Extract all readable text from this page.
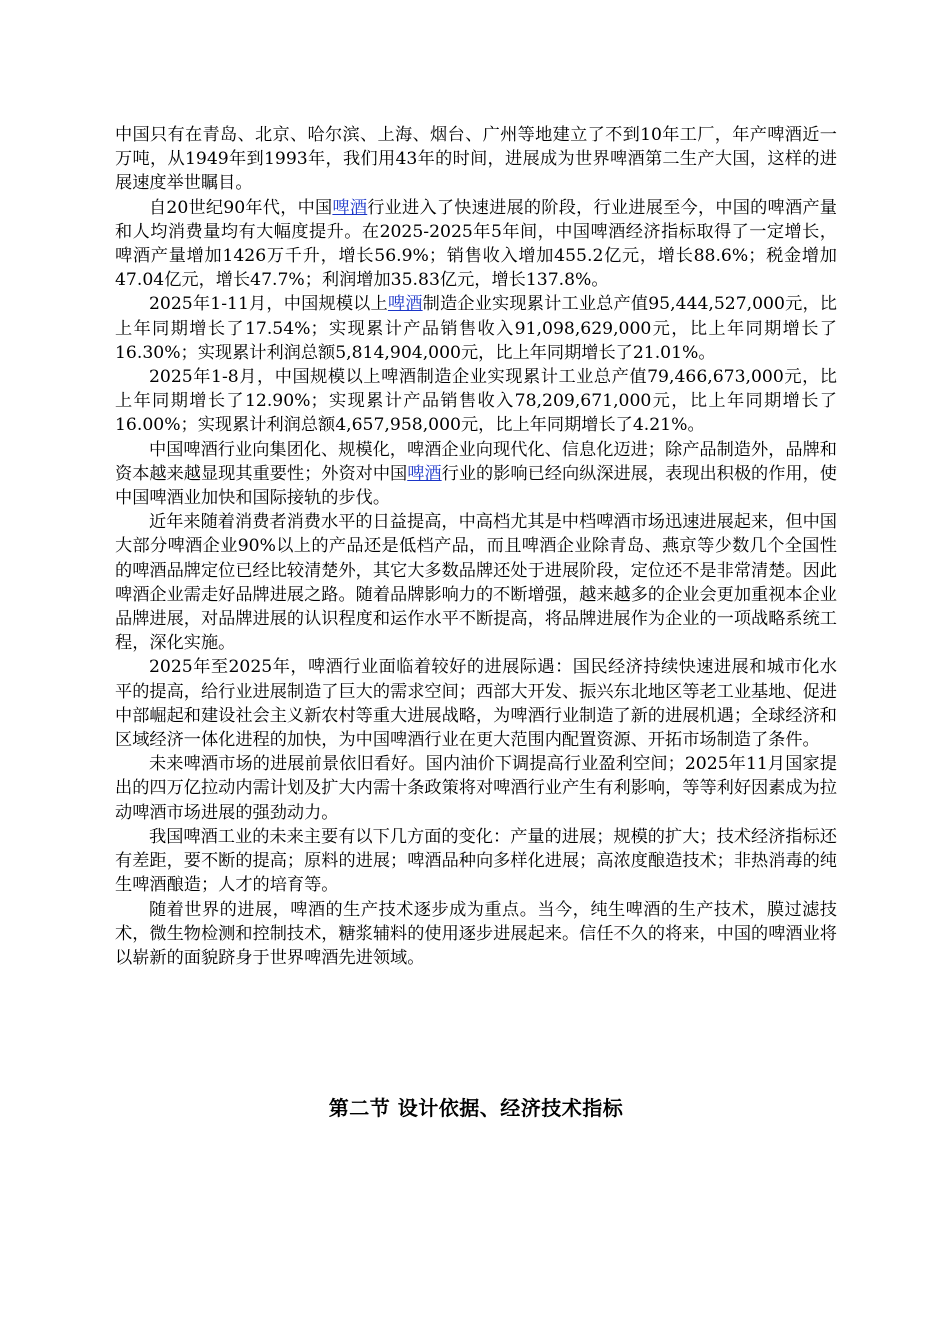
中国只有在青岛、北京、哈尔滨、上海、烟台、广州等地建立了不到10年工厂，年产啤酒近一万吨，从1949年到1993年，我们用43年的时间，进展成为世界啤酒第二生产大国，这样的进展速度举世瞩目。

自20世纪90年代，中国啤酒行业进入了快速进展的阶段，行业进展至今，中国的啤酒产量和人均消费量均有大幅度提升。在2025-2025年5年间，中国啤酒经济指标取得了一定增长，啤酒产量增加1426万千升，增长56.9%；销售收入增加455.2亿元，增长88.6%；税金增加47.04亿元，增长47.7%；利润增加35.83亿元，增长137.8%。

2025年1-11月，中国规模以上啤酒制造企业实现累计工业总产值95,444,527,000元，比上年同期增长了17.54%；实现累计产品销售收入91,098,629,000元，比上年同期增长了16.30%；实现累计利润总额5,814,904,000元，比上年同期增长了21.01%。

2025年1-8月，中国规模以上啤酒制造企业实现累计工业总产值79,466,673,000元，比上年同期增长了12.90%；实现累计产品销售收入78,209,671,000元，比上年同期增长了16.00%；实现累计利润总额4,657,958,000元，比上年同期增长了4.21%。

中国啤酒行业向集团化、规模化，啤酒企业向现代化、信息化迈进；除产品制造外，品牌和资本越来越显现其重要性；外资对中国啤酒行业的影响已经向纵深进展，表现出积极的作用，使中国啤酒业加快和国际接轨的步伐。

近年来随着消费者消费水平的日益提高，中高档尤其是中档啤酒市场迅速进展起来，但中国大部分啤酒企业90%以上的产品还是低档产品，而且啤酒企业除青岛、燕京等少数几个全国性的啤酒品牌定位已经比较清楚外，其它大多数品牌还处于进展阶段，定位还不是非常清楚。因此啤酒企业需走好品牌进展之路。随着品牌影响力的不断增强，越来越多的企业会更加重视本企业品牌进展，对品牌进展的认识程度和运作水平不断提高，将品牌进展作为企业的一项战略系统工程，深化实施。

2025年至2025年，啤酒行业面临着较好的进展际遇：国民经济持续快速进展和城市化水平的提高，给行业进展制造了巨大的需求空间；西部大开发、振兴东北地区等老工业基地、促进中部崛起和建设社会主义新农村等重大进展战略，为啤酒行业制造了新的进展机遇；全球经济和区域经济一体化进程的加快，为中国啤酒行业在更大范围内配置资源、开拓市场制造了条件。

未来啤酒市场的进展前景依旧看好。国内油价下调提高行业盈利空间；2025年11月国家提出的四万亿拉动内需计划及扩大内需十条政策将对啤酒行业产生有利影响，等等利好因素成为拉动啤酒市场进展的强劲动力。

我国啤酒工业的未来主要有以下几方面的变化：产量的进展；规模的扩大；技术经济指标还有差距，要不断的提高；原料的进展；啤酒品种向多样化进展；高浓度酿造技术；非热消毒的纯生啤酒酿造；人才的培育等。

随着世界的进展，啤酒的生产技术逐步成为重点。当今，纯生啤酒的生产技术，膜过滤技术，微生物检测和控制技术，糖浆辅料的使用逐步进展起来。信任不久的将来，中国的啤酒业将以崭新的面貌跻身于世界啤酒先进领域。

第二节 设计依据、经济技术指标
